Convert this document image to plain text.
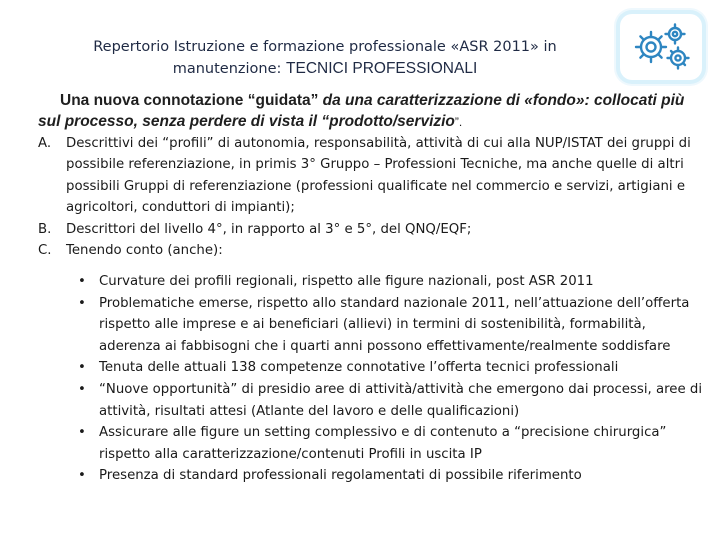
Repertorio Istruzione e formazione professionale «ASR 2011» in manutenzione: TECNICI PROFESSIONALI
Una nuova connotazione “guidata” da una caratterizzazione di «fondo»: collocati più sul processo, senza perdere di vista il “prodotto/servizio”.
A. Descrittivi dei “profili” di autonomia, responsabilità, attività di cui alla NUP/ISTAT dei gruppi di possibile referenziazione, in primis 3° Gruppo – Professioni Tecniche, ma anche quelle di altri possibili Gruppi di referenziazione (professioni qualificate nel commercio e servizi, artigiani e agricoltori, conduttori di impianti);
B. Descrittori del livello 4°, in rapporto al 3° e 5°, del QNQ/EQF;
C. Tenendo conto (anche):
• Curvature dei profili regionali, rispetto alle figure nazionali, post ASR 2011
• Problematiche emerse, rispetto allo standard nazionale 2011, nell’attuazione dell’offerta rispetto alle imprese e ai beneficiari (allievi) in termini di sostenibilità, formabilità, aderenza ai fabbisogni che i quarti anni possono effettivamente/realmente soddisfare
• Tenuta delle attuali 138 competenze connotative l’offerta tecnici professionali
• “Nuove opportunità” di presidio aree di attività/attività che emergono dai processi, aree di attività, risultati attesi (Atlante del lavoro e delle qualificazioni)
• Assicurare alle figure un setting complessivo e di contenuto a “precisione chirurgica” rispetto alla caratterizzazione/contenuti Profili in uscita IP
• Presenza di standard professionali regolamentati di possibile riferimento
